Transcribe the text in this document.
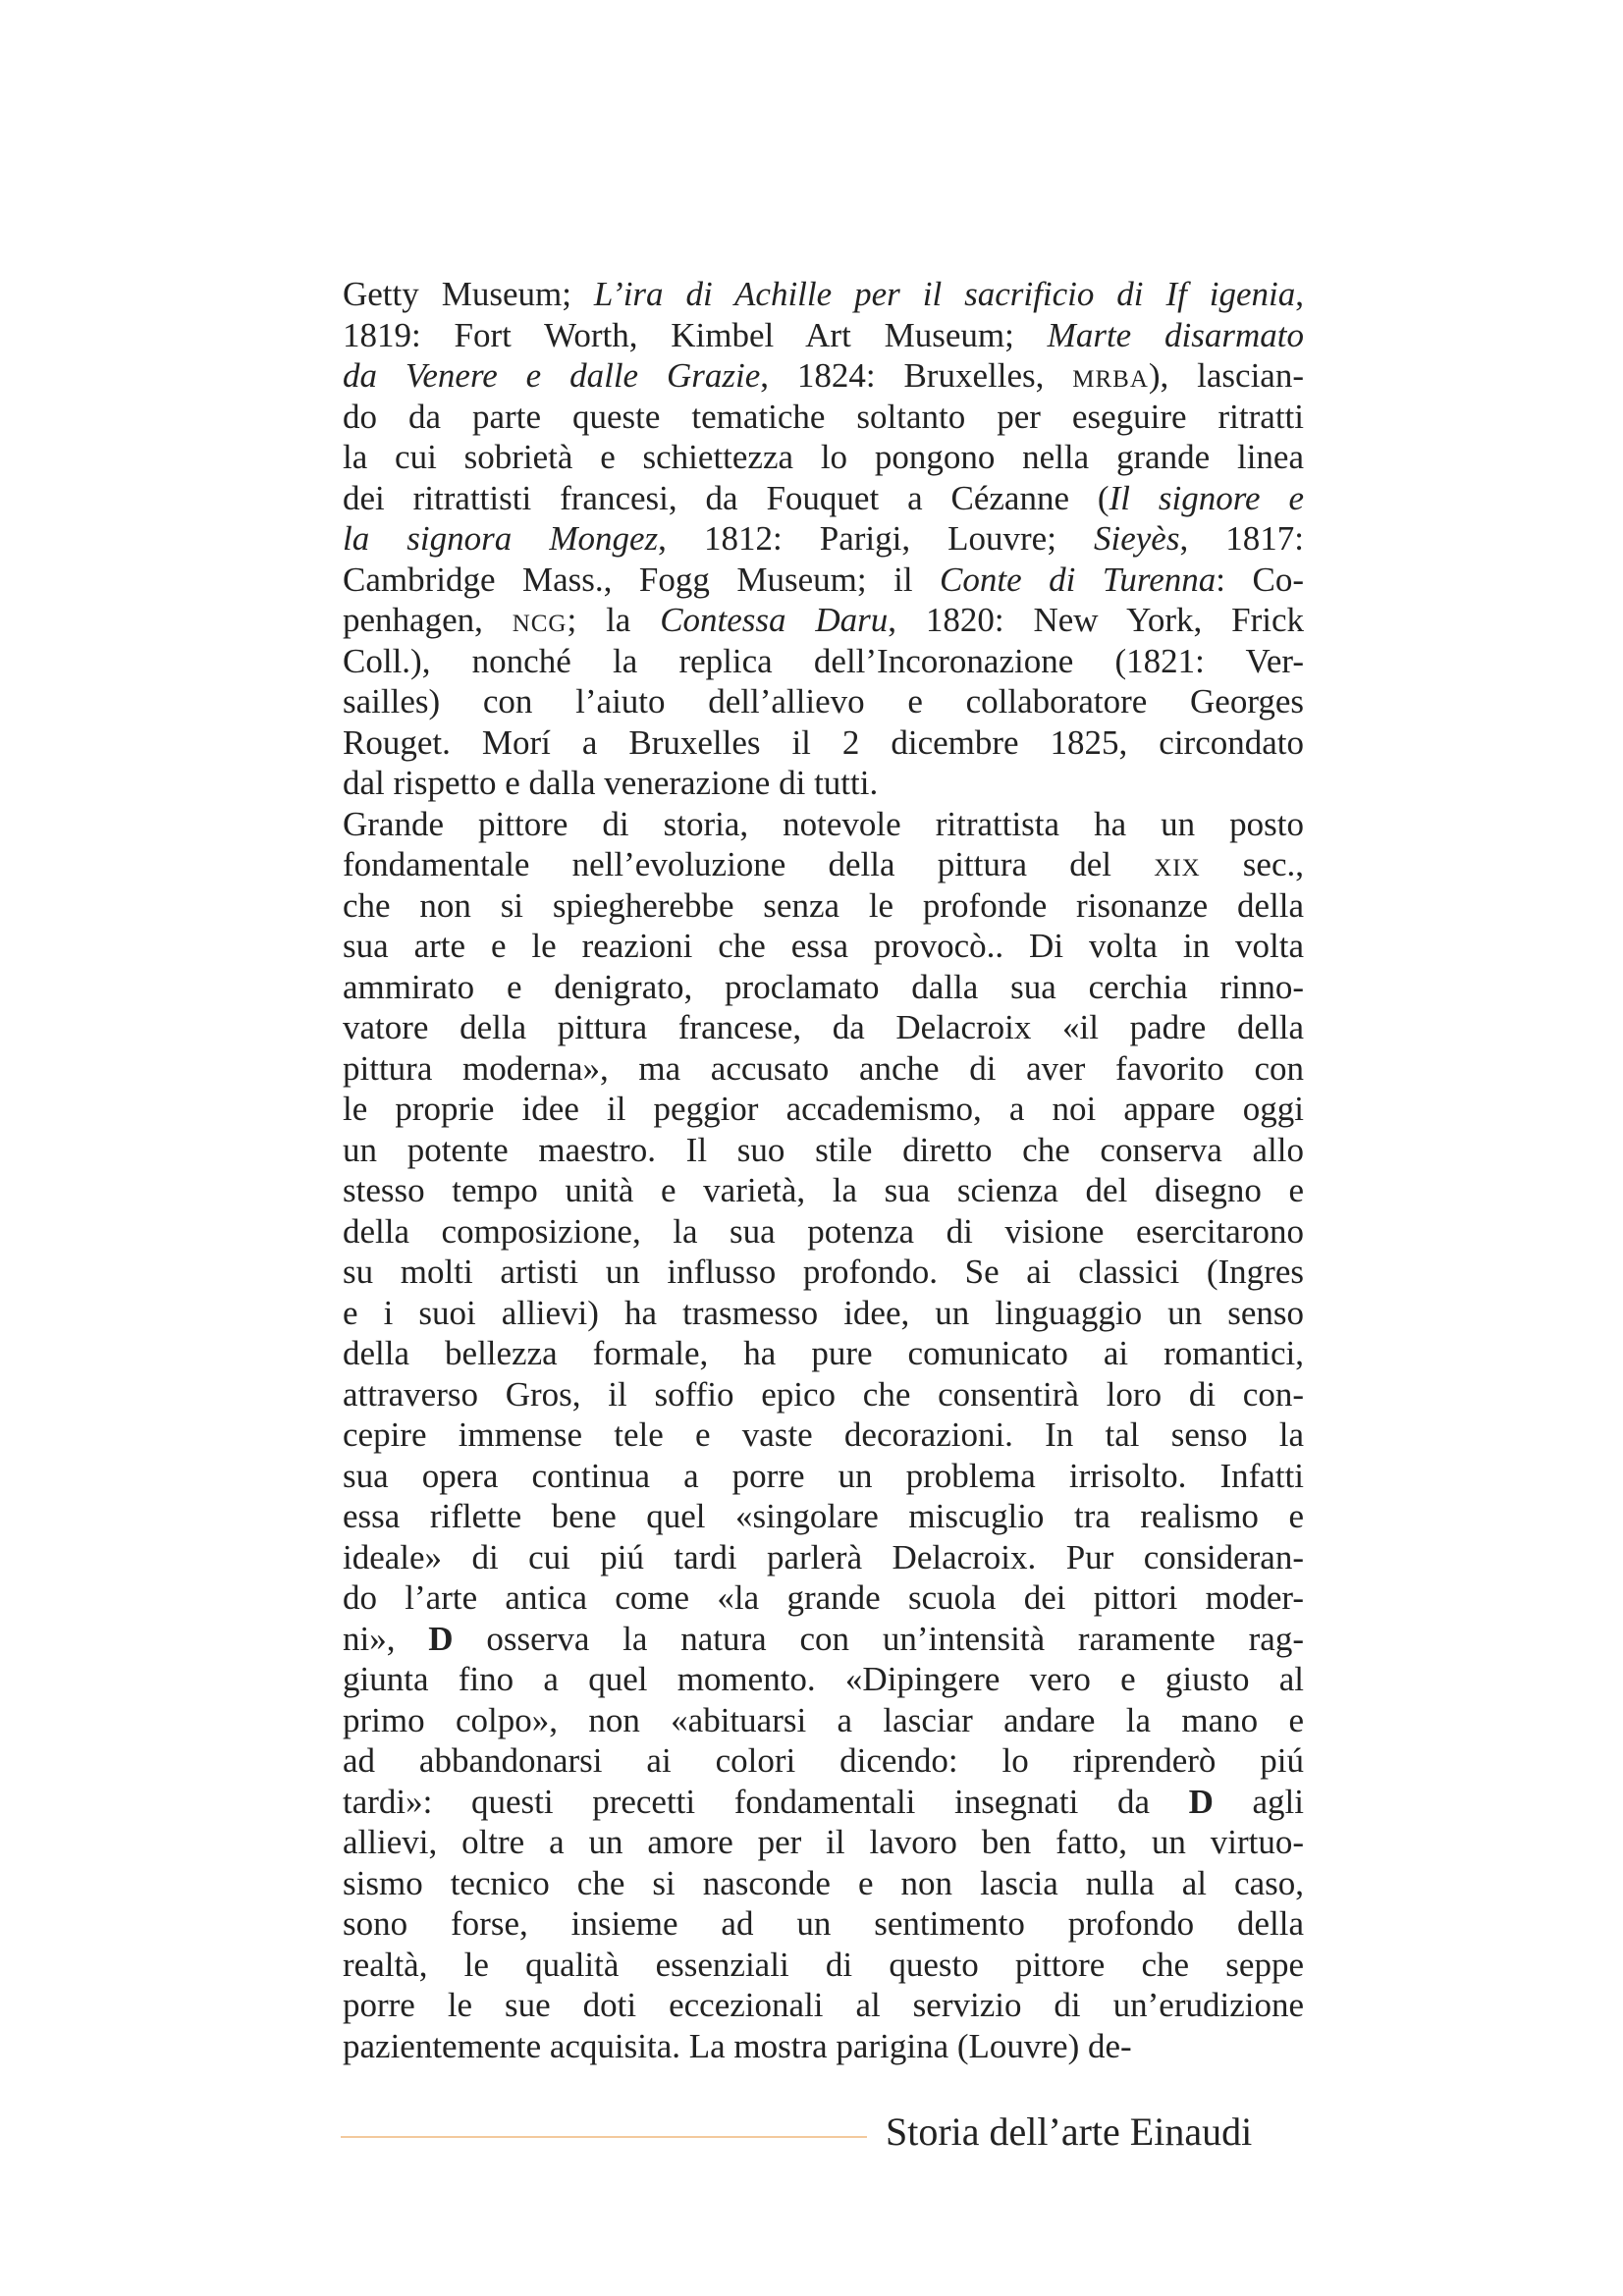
Getty Museum; L’ira di Achille per il sacrificio di If igenia,
1819: Fort Worth, Kimbel Art Museum; Marte disarmato
da Venere e dalle Grazie, 1824: Bruxelles, mrba), lascian-
do da parte queste tematiche soltanto per eseguire ritratti
la cui sobrietà e schiettezza lo pongono nella grande linea
dei ritrattisti francesi, da Fouquet a Cézanne (Il signore e
la signora Mongez, 1812: Parigi, Louvre; Sieyès, 1817:
Cambridge Mass., Fogg Museum; il Conte di Turenna: Co-
penhagen, ncg; la Contessa Daru, 1820: New York, Frick
Coll.), nonché la replica dell’Incoronazione (1821: Ver-
sailles) con l’aiuto dell’allievo e collaboratore Georges
Rouget. Morí a Bruxelles il 2 dicembre 1825, circondato
dal rispetto e dalla venerazione di tutti.
Grande pittore di storia, notevole ritrattista ha un posto
fondamentale nell’evoluzione della pittura del xix sec.,
che non si spiegherebbe senza le profonde risonanze della
sua arte e le reazioni che essa provocò.. Di volta in volta
ammirato e denigrato, proclamato dalla sua cerchia rinno-
vatore della pittura francese, da Delacroix «il padre della
pittura moderna», ma accusato anche di aver favorito con
le proprie idee il peggior accademismo, a noi appare oggi
un potente maestro. Il suo stile diretto che conserva allo
stesso tempo unità e varietà, la sua scienza del disegno e
della composizione, la sua potenza di visione esercitarono
su molti artisti un influsso profondo. Se ai classici (Ingres
e i suoi allievi) ha trasmesso idee, un linguaggio un senso
della bellezza formale, ha pure comunicato ai romantici,
attraverso Gros, il soffio epico che consentirà loro di con-
cepire immense tele e vaste decorazioni. In tal senso la
sua opera continua a porre un problema irrisolto. Infatti
essa riflette bene quel «singolare miscuglio tra realismo e
ideale» di cui piú tardi parlerà Delacroix. Pur consideran-
do l’arte antica come «la grande scuola dei pittori moder-
ni», D osserva la natura con un’intensità raramente rag-
giunta fino a quel momento. «Dipingere vero e giusto al
primo colpo», non «abituarsi a lasciar andare la mano e
ad abbandonarsi ai colori dicendo: lo riprenderò piú
tardi»: questi precetti fondamentali insegnati da D agli
allievi, oltre a un amore per il lavoro ben fatto, un virtuo-
sismo tecnico che si nasconde e non lascia nulla al caso,
sono forse, insieme ad un sentimento profondo della
realtà, le qualità essenziali di questo pittore che seppe
porre le sue doti eccezionali al servizio di un’erudizione
pazientemente acquisita. La mostra parigina (Louvre) de-
Storia dell’arte Einaudi
